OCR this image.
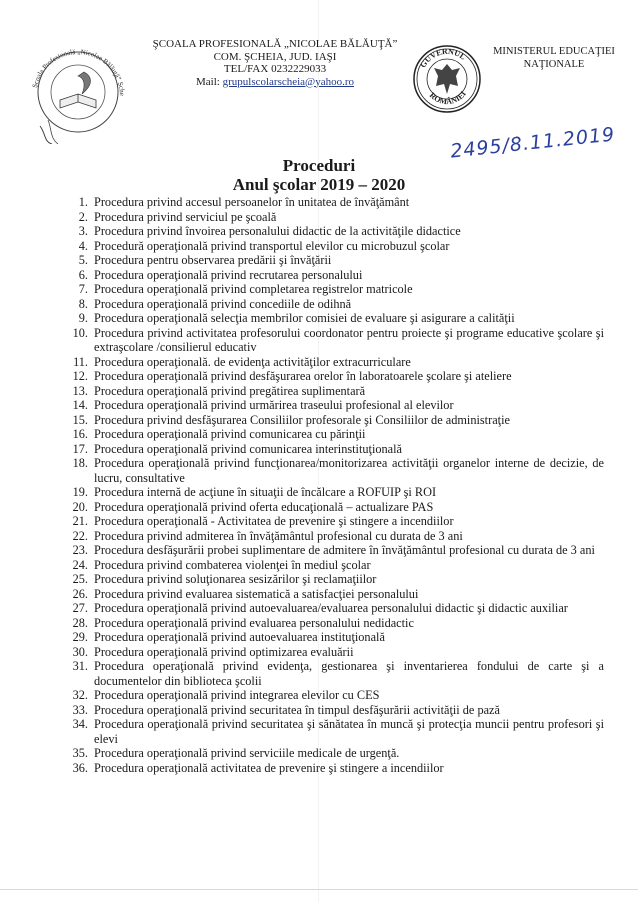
Şcoala Profesională „Nicolae Bălăuţă” Şche
ŞCOALA PROFESIONALĂ „NICOLAE BĂLĂUŢĂ”
COM. ŞCHEIA, JUD. IAŞI
TEL/FAX 0232229033
Mail: grupulscolarscheia@yahoo.ro
GUVERNUL
ROMÂNIEI
MINISTERUL EDUCAŢIEI
NAŢIONALE
2495/8.11.2019
Proceduri
Anul şcolar 2019 – 2020
1. Procedura privind accesul persoanelor în unitatea de învăţământ
2. Procedura privind serviciul pe şcoală
3. Procedura privind învoirea personalului didactic de la activităţile didactice
4. Procedură operaţională privind transportul elevilor cu microbuzul şcolar
5. Procedura pentru observarea predării şi învăţării
6. Procedura operaţională privind recrutarea personalului
7. Procedura operaţională privind completarea registrelor matricole
8. Procedura operaţională privind concediile de odihnă
9. Procedura operaţională selecţia membrilor comisiei de evaluare şi asigurare a calităţii
10. Procedura privind activitatea profesorului coordonator pentru proiecte şi programe educative şcolare şi extraşcolare /consilierul educativ
11. Procedura operaţională. de evidenţa activităţilor extracurriculare
12. Procedura operaţională privind desfăşurarea orelor în laboratoarele şcolare şi ateliere
13. Procedura operaţională privind pregătirea suplimentară
14. Procedura operaţională privind urmărirea traseului profesional al elevilor
15. Procedura privind desfăşurarea Consiliilor profesorale şi Consiliilor de administraţie
16. Procedura operaţională privind comunicarea cu părinţii
17. Procedura operaţională privind comunicarea interinstituţională
18. Procedura operaţională privind funcţionarea/monitorizarea activităţii organelor interne de decizie, de lucru, consultative
19. Procedura internă de acţiune în situaţii de încălcare a ROFUIP şi ROI
20. Procedura operaţională privind oferta educaţională – actualizare PAS
21. Procedura operaţională - Activitatea de prevenire şi stingere a incendiilor
22. Procedura privind admiterea în învăţământul profesional cu durata de 3 ani
23. Procedura desfăşurării probei suplimentare de admitere în învăţământul profesional cu durata de 3 ani
24. Procedura privind combaterea violenţei în mediul şcolar
25. Procedura privind soluţionarea sesizărilor şi reclamaţiilor
26. Procedura privind evaluarea sistematică a satisfacţiei personalului
27. Procedura operaţională privind autoevaluarea/evaluarea personalului didactic şi didactic auxiliar
28. Procedura operaţională privind evaluarea personalului nedidactic
29. Procedura operaţională privind autoevaluarea instituţională
30. Procedura operaţională privind optimizarea evaluării
31. Procedura operaţională privind evidenţa, gestionarea şi inventarierea fondului de carte şi a documentelor din biblioteca şcolii
32. Procedura operaţională privind integrarea elevilor cu CES
33. Procedura operaţională privind securitatea în timpul desfăşurării activităţii de pază
34. Procedura operaţională privind securitatea şi sănătatea în muncă şi protecţia muncii pentru profesori şi elevi
35. Procedura operaţională privind serviciile medicale de urgenţă.
36. Procedura operaţională activitatea de prevenire şi stingere a incendiilor
